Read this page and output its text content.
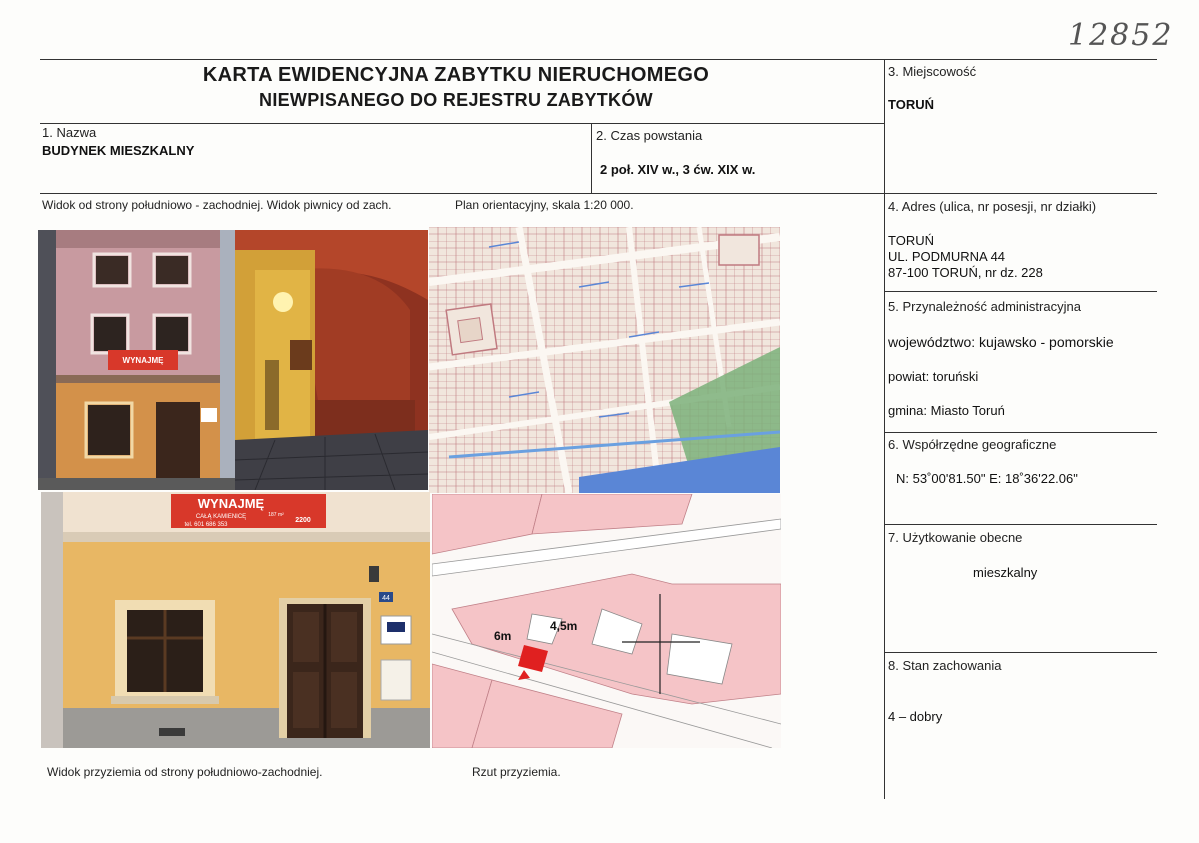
12852
KARTA EWIDENCYJNA ZABYTKU NIERUCHOMEGO
NIEWPISANEGO DO REJESTRU ZABYTKÓW
1. Nazwa
BUDYNEK MIESZKALNY
2. Czas powstania
2 poł. XIV w., 3 ćw. XIX w.
3. Miejscowość
TORUŃ
4. Adres (ulica, nr posesji, nr działki)
TORUŃ
UL. PODMURNA 44
87-100 TORUŃ, nr dz. 228
5. Przynależność administracyjna
województwo: kujawsko - pomorskie
powiat: toruński
gmina: Miasto Toruń
6. Współrzędne geograficzne
N: 53˚00'81.50" E: 18˚36'22.06"
7. Użytkowanie obecne
mieszkalny
8. Stan zachowania
4 – dobry
Widok od strony południowo - zachodniej. Widok piwnicy od zach.	Plan orientacyjny, skala 1:20 000.
Widok przyziemia od strony południowo-zachodniej.	Rzut przyziemia.
WYNAJMĘ
WYNAJMĘ
CAŁĄ KAMIENICĘ
tel. 601 686 353
187 m²
2200
44
6m
4,5m
